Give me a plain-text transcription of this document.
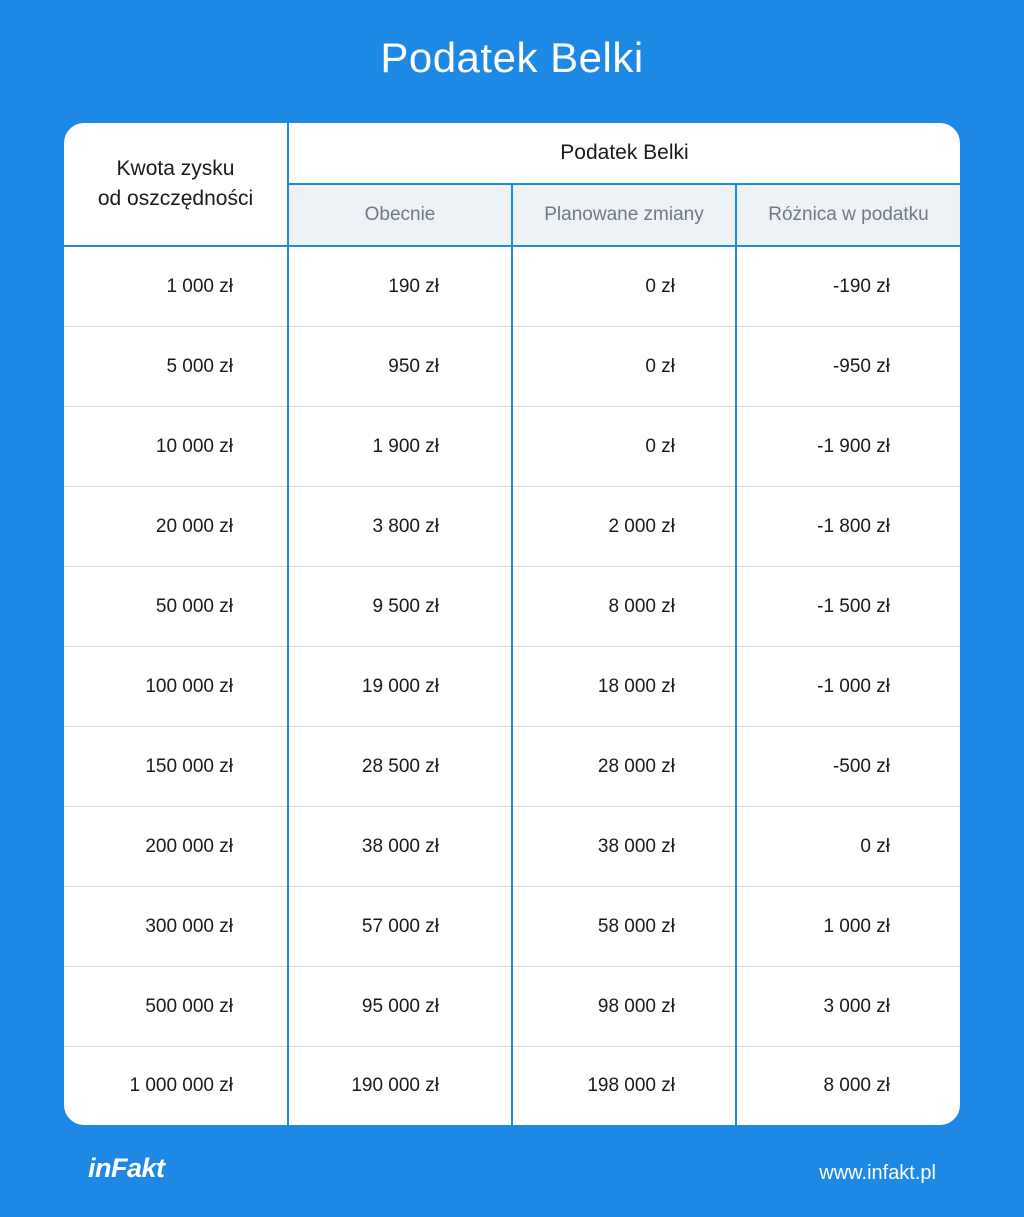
Podatek Belki
Kwota zysku
od oszczędności	Podatek Belki		
	Obecnie	Planowane zmiany	Różnica w podatku
1 000 zł	190 zł	0 zł	-190 zł
5 000 zł	950 zł	0 zł	-950 zł
10 000 zł	1 900 zł	0 zł	-1 900 zł
20 000 zł	3 800 zł	2 000 zł	-1 800 zł
50 000 zł	9 500 zł	8 000 zł	-1 500 zł
100 000 zł	19 000 zł	18 000 zł	-1 000 zł
150 000 zł	28 500 zł	28 000 zł	-500 zł
200 000 zł	38 000 zł	38 000 zł	0 zł
300 000 zł	57 000 zł	58 000 zł	1 000 zł
500 000 zł	95 000 zł	98 000 zł	3 000 zł
1 000 000 zł	190 000 zł	198 000 zł	8 000 zł
inFakt	www.infakt.pl
